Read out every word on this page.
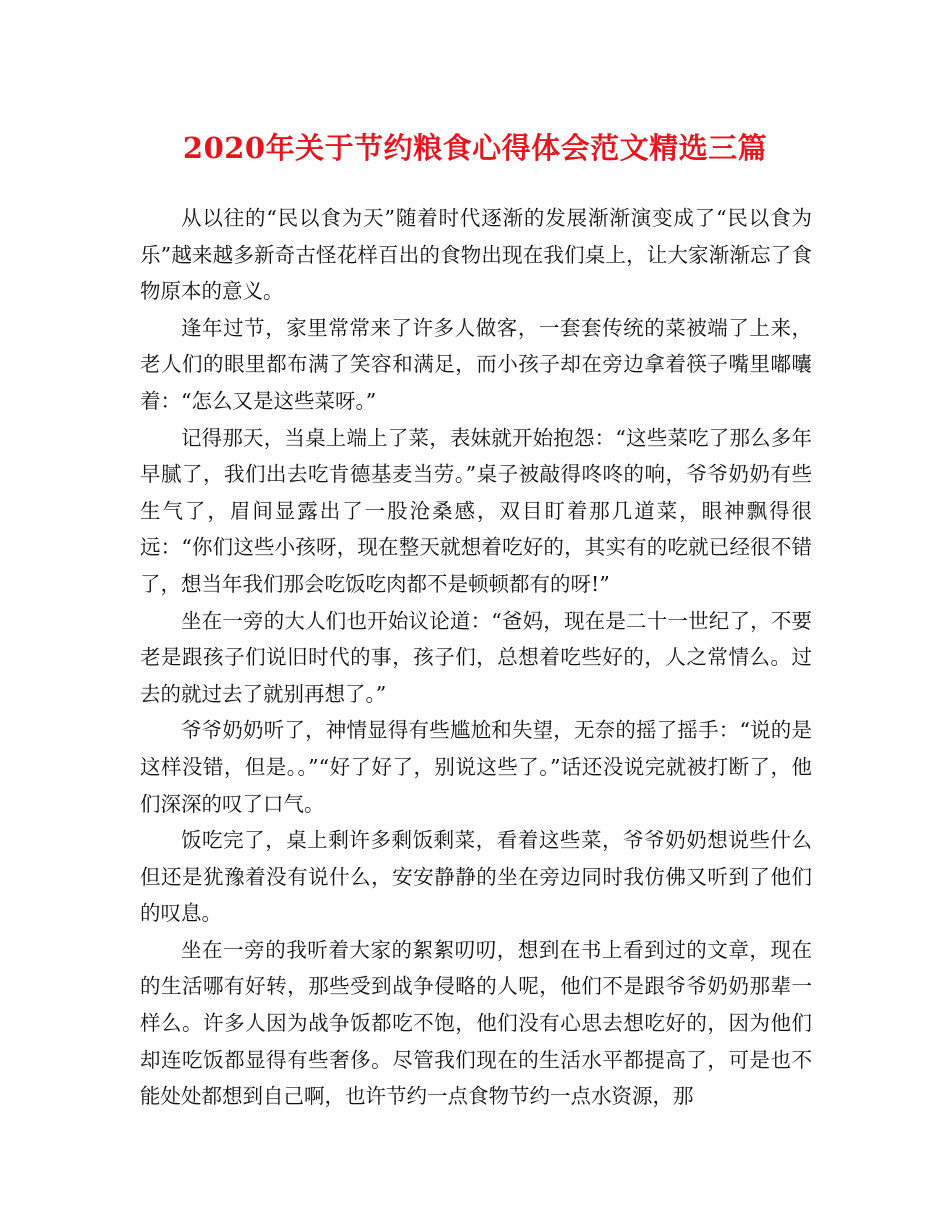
2020年关于节约粮食心得体会范文精选三篇

从以往的“民以食为天”随着时代逐渐的发展渐渐演变成了“民以食为乐”越来越多新奇古怪花样百出的食物出现在我们桌上，让大家渐渐忘了食物原本的意义。

逢年过节，家里常常来了许多人做客，一套套传统的菜被端了上来，老人们的眼里都布满了笑容和满足，而小孩子却在旁边拿着筷子嘴里嘟囔着：“怎么又是这些菜呀。”

记得那天，当桌上端上了菜，表妹就开始抱怨：“这些菜吃了那么多年早腻了，我们出去吃肯德基麦当劳。”桌子被敲得咚咚的响，爷爷奶奶有些生气了，眉间显露出了一股沧桑感，双目盯着那几道菜，眼神飘得很远：“你们这些小孩呀，现在整天就想着吃好的，其实有的吃就已经很不错了，想当年我们那会吃饭吃肉都不是顿顿都有的呀!”

坐在一旁的大人们也开始议论道：“爸妈，现在是二十一世纪了，不要老是跟孩子们说旧时代的事，孩子们，总想着吃些好的，人之常情么。过去的就过去了就别再想了。”

爷爷奶奶听了，神情显得有些尴尬和失望，无奈的摇了摇手：“说的是这样没错，但是。。”“好了好了，别说这些了。”话还没说完就被打断了，他们深深的叹了口气。

饭吃完了，桌上剩许多剩饭剩菜，看着这些菜，爷爷奶奶想说些什么但还是犹豫着没有说什么，安安静静的坐在旁边同时我仿佛又听到了他们的叹息。

坐在一旁的我听着大家的絮絮叨叨，想到在书上看到过的文章，现在的生活哪有好转，那些受到战争侵略的人呢，他们不是跟爷爷奶奶那辈一样么。许多人因为战争饭都吃不饱，他们没有心思去想吃好的，因为他们却连吃饭都显得有些奢侈。尽管我们现在的生活水平都提高了，可是也不能处处都想到自己啊，也许节约一点食物节约一点水资源，那
